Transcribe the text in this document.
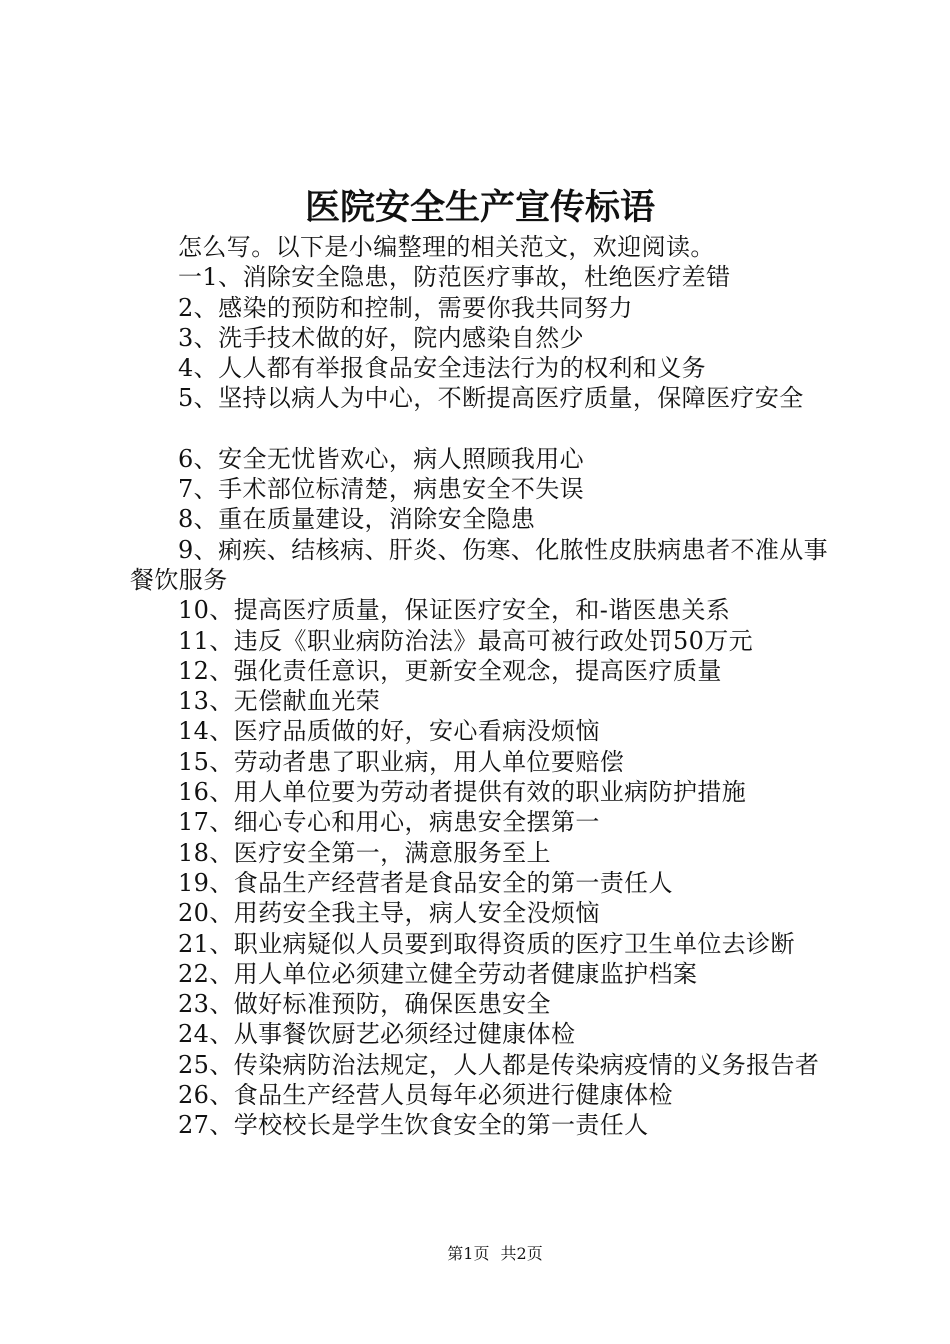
医院安全生产宣传标语

怎么写。以下是小编整理的相关范文，欢迎阅读。

一1、消除安全隐患，防范医疗事故，杜绝医疗差错

2、感染的预防和控制，需要你我共同努力

3、洗手技术做的好，院内感染自然少

4、人人都有举报食品安全违法行为的权利和义务

5、坚持以病人为中心，不断提高医疗质量，保障医疗安全

6、安全无忧皆欢心，病人照顾我用心

7、手术部位标清楚，病患安全不失误

8、重在质量建设，消除安全隐患

9、痢疾、结核病、肝炎、伤寒、化脓性皮肤病患者不准从事餐饮服务

10、提高医疗质量，保证医疗安全，和-谐医患关系

11、违反《职业病防治法》最高可被行政处罚50万元

12、强化责任意识，更新安全观念，提高医疗质量

13、无偿献血光荣

14、医疗品质做的好，安心看病没烦恼

15、劳动者患了职业病，用人单位要赔偿

16、用人单位要为劳动者提供有效的职业病防护措施

17、细心专心和用心，病患安全摆第一

18、医疗安全第一，满意服务至上

19、食品生产经营者是食品安全的第一责任人

20、用药安全我主导，病人安全没烦恼

21、职业病疑似人员要到取得资质的医疗卫生单位去诊断

22、用人单位必须建立健全劳动者健康监护档案

23、做好标准预防，确保医患安全

24、从事餐饮厨艺必须经过健康体检

25、传染病防治法规定，人人都是传染病疫情的义务报告者

26、食品生产经营人员每年必须进行健康体检

27、学校校长是学生饮食安全的第一责任人

第1页 共2页
